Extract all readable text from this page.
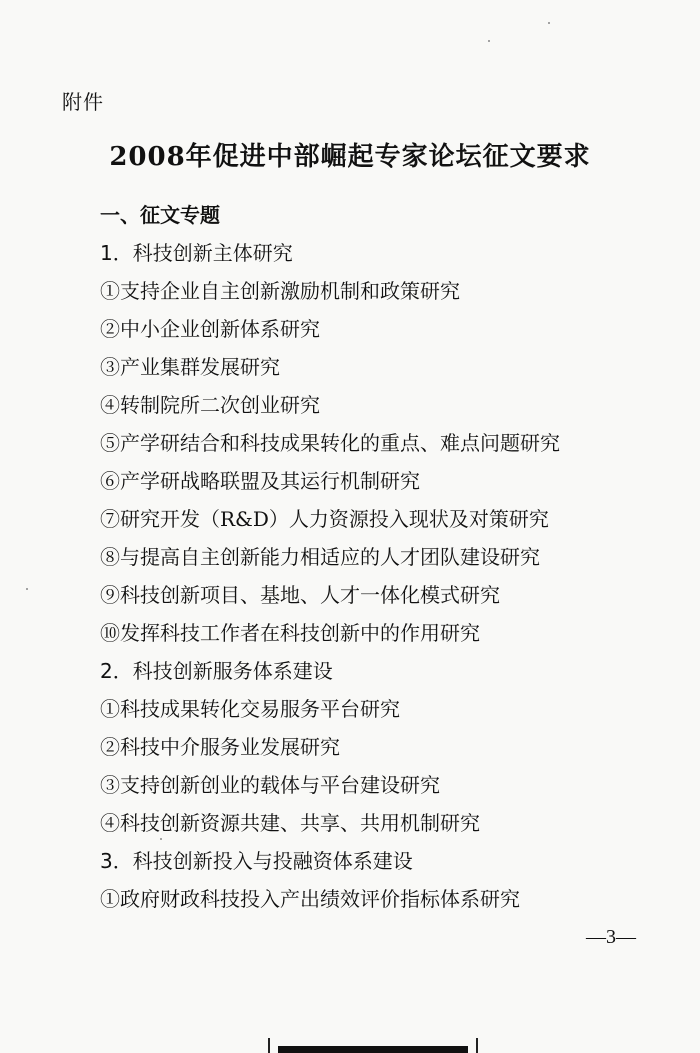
附件
2008年促进中部崛起专家论坛征文要求
一、征文专题
1．科技创新主体研究
①支持企业自主创新激励机制和政策研究
②中小企业创新体系研究
③产业集群发展研究
④转制院所二次创业研究
⑤产学研结合和科技成果转化的重点、难点问题研究
⑥产学研战略联盟及其运行机制研究
⑦研究开发（R&D）人力资源投入现状及对策研究
⑧与提高自主创新能力相适应的人才团队建设研究
⑨科技创新项目、基地、人才一体化模式研究
⑩发挥科技工作者在科技创新中的作用研究
2．科技创新服务体系建设
①科技成果转化交易服务平台研究
②科技中介服务业发展研究
③支持创新创业的载体与平台建设研究
④科技创新资源共建、共享、共用机制研究
3．科技创新投入与投融资体系建设
①政府财政科技投入产出绩效评价指标体系研究
—3—
